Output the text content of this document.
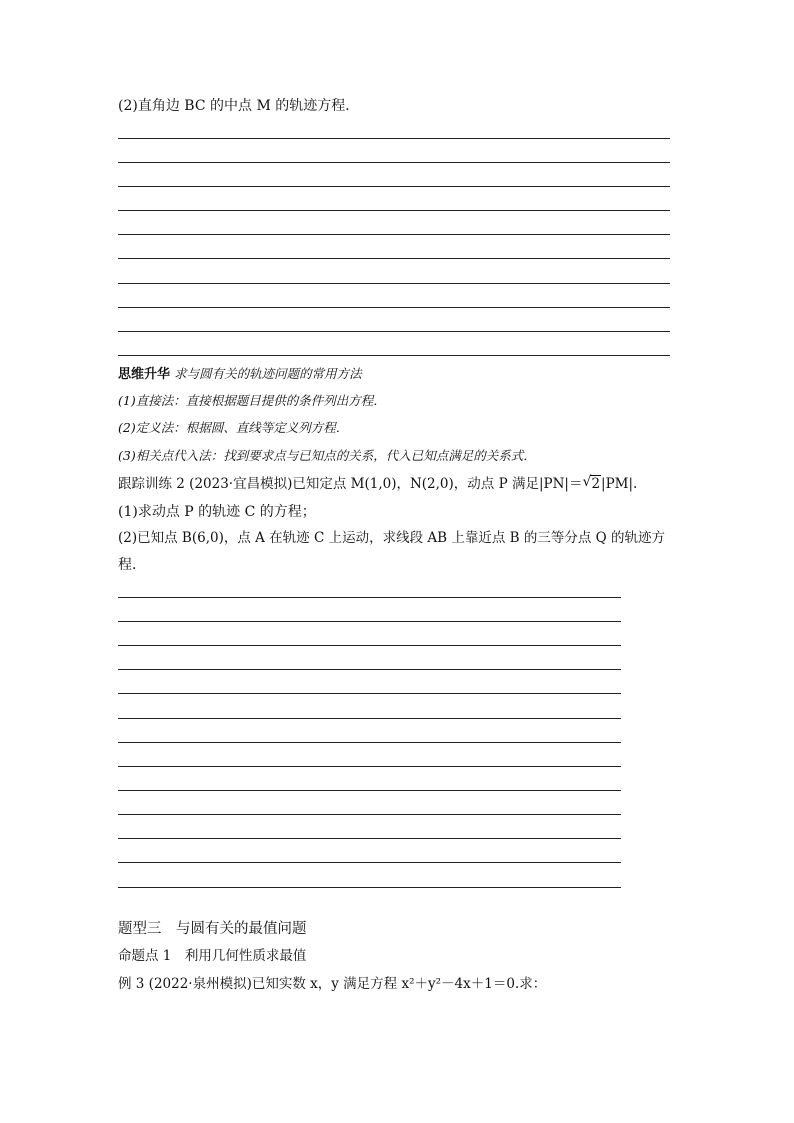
(2)直角边 BC 的中点 M 的轨迹方程．
思维升华 求与圆有关的轨迹问题的常用方法
(1)直接法：直接根据题目提供的条件列出方程．
(2)定义法：根据圆、直线等定义列方程．
(3)相关点代入法：找到要求点与已知点的关系，代入已知点满足的关系式．
跟踪训练 2 (2023·宜昌模拟)已知定点 M(1,0)，N(2,0)，动点 P 满足|PN|＝ √ 2|PM|.
(1)求动点 P 的轨迹 C 的方程；
(2)已知点 B(6,0)，点 A 在轨迹 C 上运动，求线段 AB 上靠近点 B 的三等分点 Q 的轨迹方
程．
题型三　与圆有关的最值问题
命题点 1　利用几何性质求最值
例 3 (2022·泉州模拟)已知实数 x，y 满足方程 x²＋y²－4x＋1＝0.求：
